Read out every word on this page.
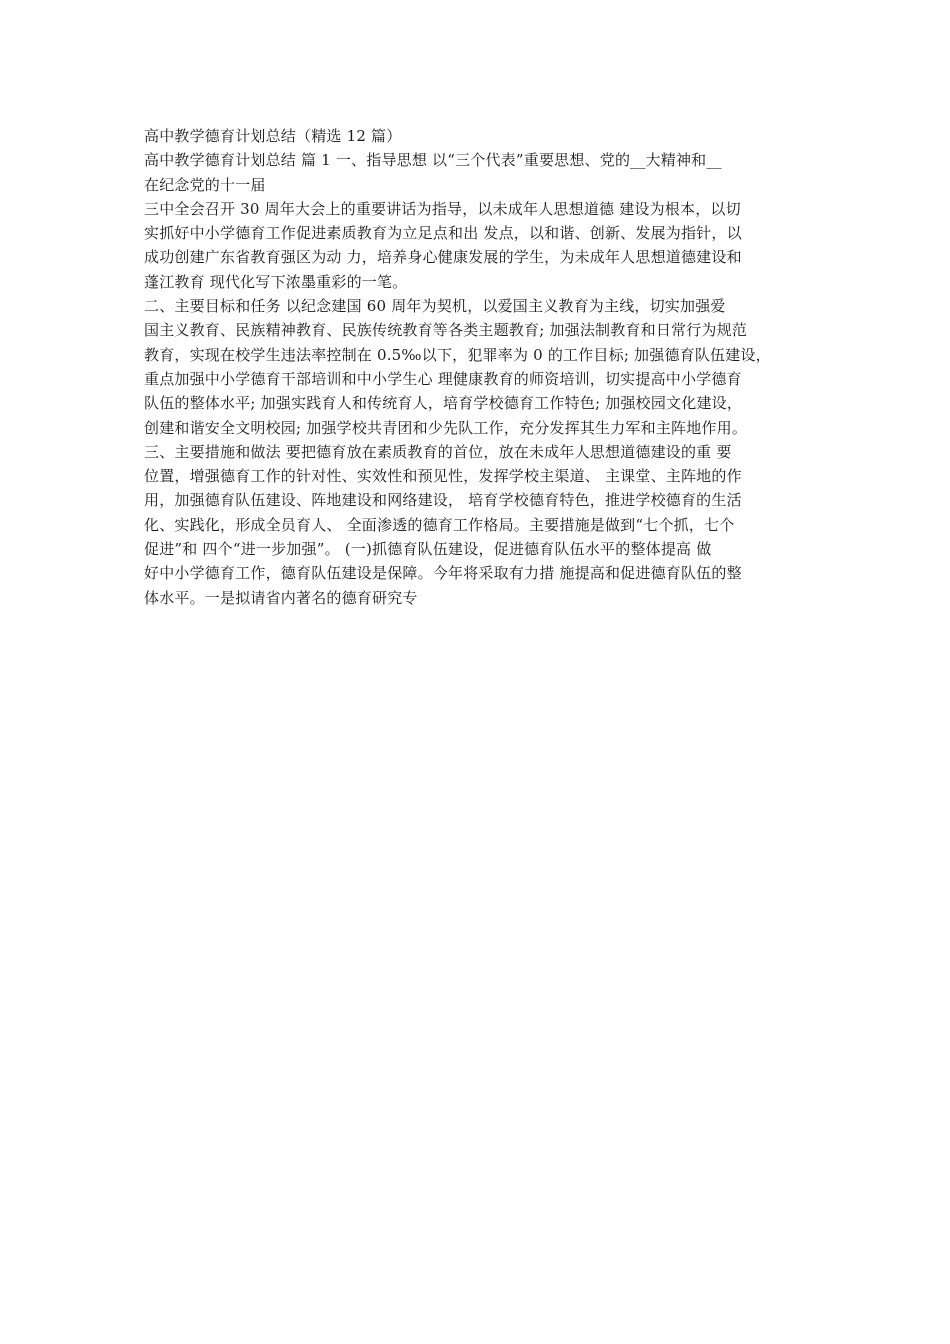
高中教学德育计划总结（精选 12 篇）
高中教学德育计划总结 篇 1 一、指导思想 以“三个代表”重要思想、党的__大精神和__
在纪念党的十一届
三中全会召开 30 周年大会上的重要讲话为指导，以未成年人思想道德 建设为根本，以切
实抓好中小学德育工作促进素质教育为立足点和出 发点，以和谐、创新、发展为指针，以
成功创建广东省教育强区为动 力，培养身心健康发展的学生，为未成年人思想道德建设和
蓬江教育 现代化写下浓墨重彩的一笔。
二、主要目标和任务 以纪念建国 60 周年为契机，以爱国主义教育为主线，切实加强爱
国主义教育、民族精神教育、民族传统教育等各类主题教育; 加强法制教育和日常行为规范
教育，实现在校学生违法率控制在 0.5‰以下，犯罪率为 0 的工作目标; 加强德育队伍建设，
重点加强中小学德育干部培训和中小学生心 理健康教育的师资培训，切实提高中小学德育
队伍的整体水平; 加强实践育人和传统育人，培育学校德育工作特色; 加强校园文化建设，
创建和谐安全文明校园; 加强学校共青团和少先队工作，充分发挥其生力军和主阵地作用。
三、主要措施和做法 要把德育放在素质教育的首位，放在未成年人思想道德建设的重 要
位置，增强德育工作的针对性、实效性和预见性，发挥学校主渠道、 主课堂、主阵地的作
用，加强德育队伍建设、阵地建设和网络建设， 培育学校德育特色，推进学校德育的生活
化、实践化，形成全员育人、 全面渗透的德育工作格局。主要措施是做到“七个抓，七个
促进”和 四个“进一步加强”。 (一)抓德育队伍建设，促进德育队伍水平的整体提高 做
好中小学德育工作，德育队伍建设是保障。今年将采取有力措 施提高和促进德育队伍的整
体水平。一是拟请省内著名的德育研究专
